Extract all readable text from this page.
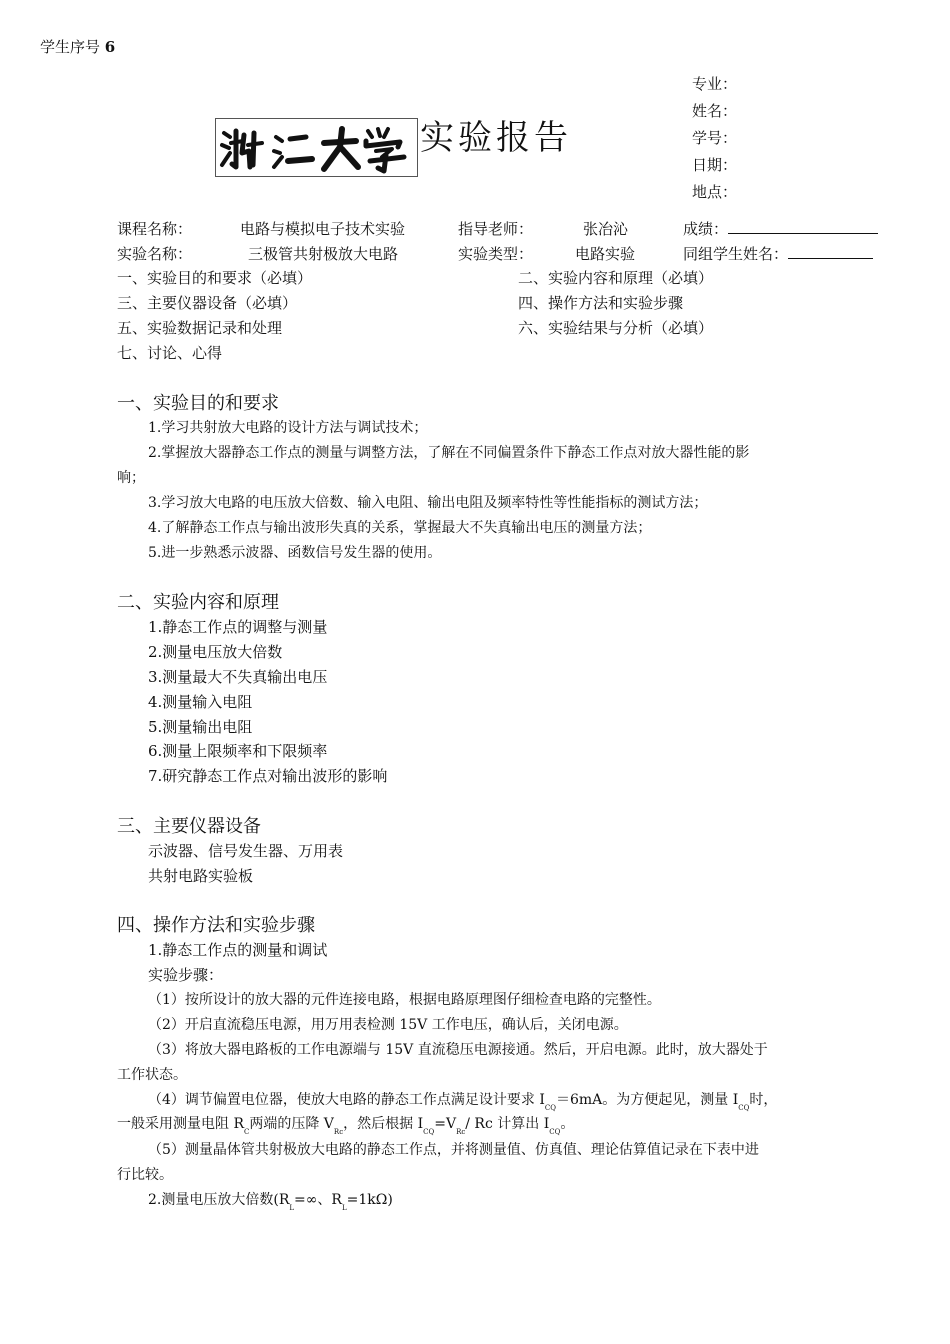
学生序号 6
实验报告
专业：
姓名：
学号：
日期：
地点：
课程名称：	电路与模拟电子技术实验	指导老师：	张冶沁	成绩：
实验名称：	三极管共射极放大电路	实验类型：	电路实验	同组学生姓名：
一、实验目的和要求（必填）	二、实验内容和原理（必填）
三、主要仪器设备（必填）	四、操作方法和实验步骤
五、实验数据记录和处理	六、实验结果与分析（必填）
七、讨论、心得
一、实验目的和要求
1.学习共射放大电路的设计方法与调试技术；
2.掌握放大器静态工作点的测量与调整方法，了解在不同偏置条件下静态工作点对放大器性能的影
响；
3.学习放大电路的电压放大倍数、输入电阻、输出电阻及频率特性等性能指标的测试方法；
4.了解静态工作点与输出波形失真的关系，掌握最大不失真输出电压的测量方法；
5.进一步熟悉示波器、函数信号发生器的使用。
二、实验内容和原理
1.静态工作点的调整与测量
2.测量电压放大倍数
3.测量最大不失真输出电压
4.测量输入电阻
5.测量输出电阻
6.测量上限频率和下限频率
7.研究静态工作点对输出波形的影响
三、主要仪器设备
示波器、信号发生器、万用表
共射电路实验板
四、操作方法和实验步骤
1.静态工作点的测量和调试
实验步骤：
（1）按所设计的放大器的元件连接电路，根据电路原理图仔细检查电路的完整性。
（2）开启直流稳压电源，用万用表检测 15V 工作电压，确认后，关闭电源。
（3）将放大器电路板的工作电源端与 15V 直流稳压电源接通。然后，开启电源。此时，放大器处于
工作状态。
（4）调节偏置电位器，使放大电路的静态工作点满足设计要求 $I_{CQ}=6mA$。为方便起见，测量 $I_{CQ}$时，
一般采用测量电阻 $R_C$两端的压降 $V_{Rc}$，然后根据 $I_{CQ}=V_{Rc}/$ Rc 计算出 $I_{CQ}$。
（5）测量晶体管共射极放大电路的静态工作点，并将测量值、仿真值、理论估算值记录在下表中进
行比较。
2.测量电压放大倍数($R_L=\infty$、$R_L=1k\Omega$)
